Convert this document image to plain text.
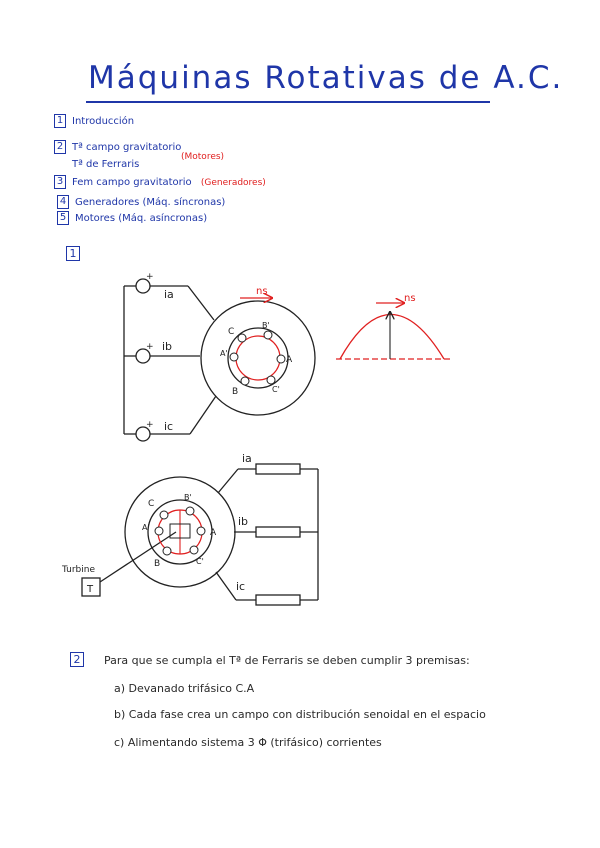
Máquinas Rotativas de A.C.
1 Introducción
2 Tª campo gravitatorio
Tª de Ferraris
(Motores)
3 Fem campo gravitatorio (Generadores)
4 Generadores (Máq. síncronas)
5 Motores (Máq. asíncronas)
1
+
+
+
ia
ib
ic
A
A'
B
B'
C
C'
ns
ns
ia
ib
ic
A
A'
B
B'
C
C'
Turbine
T
2	Para que se cumpla el Tª de Ferraris se deben cumplir 3 premisas:
a) Devanado trifásico C.A
b) Cada fase crea un campo con distribución senoidal en el espacio
c) Alimentando sistema 3 Φ (trifásico) corrientes
